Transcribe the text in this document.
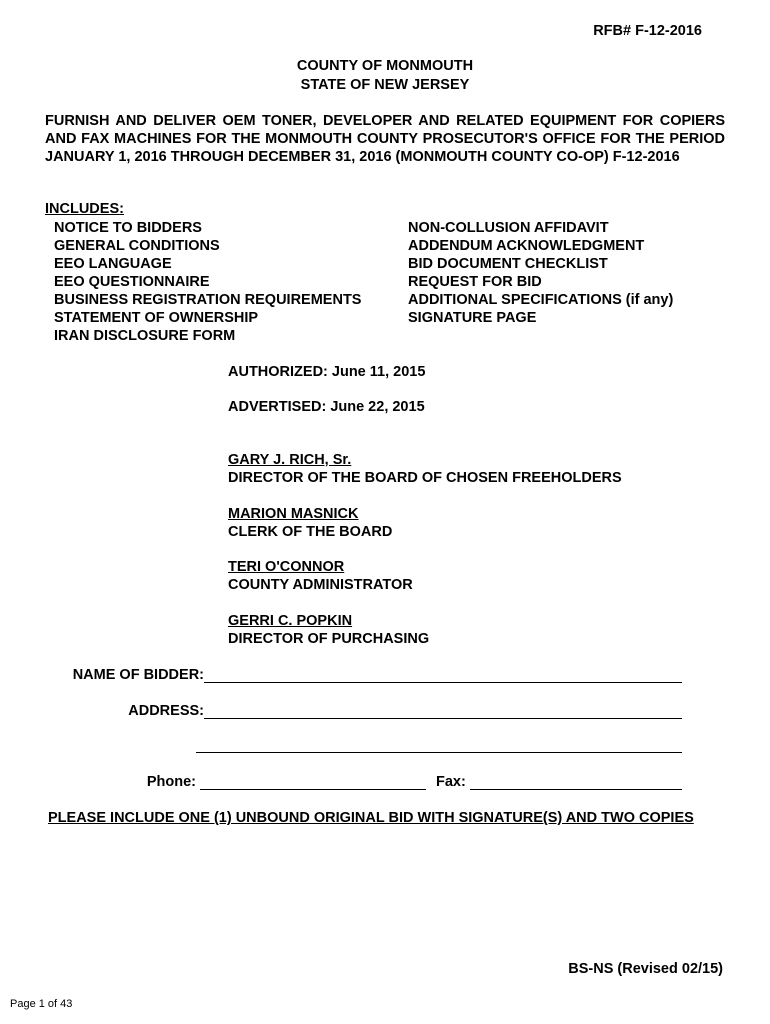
RFB# F-12-2016
COUNTY OF MONMOUTH
STATE OF NEW JERSEY
FURNISH AND DELIVER OEM TONER, DEVELOPER AND RELATED EQUIPMENT FOR COPIERS AND FAX MACHINES FOR THE MONMOUTH COUNTY PROSECUTOR'S OFFICE FOR THE PERIOD JANUARY 1, 2016 THROUGH DECEMBER 31, 2016 (MONMOUTH COUNTY CO-OP) F-12-2016
INCLUDES:
NOTICE TO BIDDERS
GENERAL CONDITIONS
EEO LANGUAGE
EEO QUESTIONNAIRE
BUSINESS REGISTRATION REQUIREMENTS
STATEMENT OF OWNERSHIP
IRAN DISCLOSURE FORM
NON-COLLUSION AFFIDAVIT
ADDENDUM ACKNOWLEDGMENT
BID DOCUMENT CHECKLIST
REQUEST FOR BID
ADDITIONAL SPECIFICATIONS (if any)
SIGNATURE PAGE
AUTHORIZED: June 11, 2015
ADVERTISED: June 22, 2015
GARY J. RICH, Sr.
DIRECTOR OF THE BOARD OF CHOSEN FREEHOLDERS
MARION MASNICK
CLERK OF THE BOARD
TERI O'CONNOR
COUNTY ADMINISTRATOR
GERRI C. POPKIN
DIRECTOR OF PURCHASING
NAME OF BIDDER:
ADDRESS:
Phone:	Fax:
PLEASE INCLUDE ONE (1) UNBOUND ORIGINAL BID WITH SIGNATURE(S) AND TWO COPIES
BS-NS (Revised 02/15)
Page 1 of 43
